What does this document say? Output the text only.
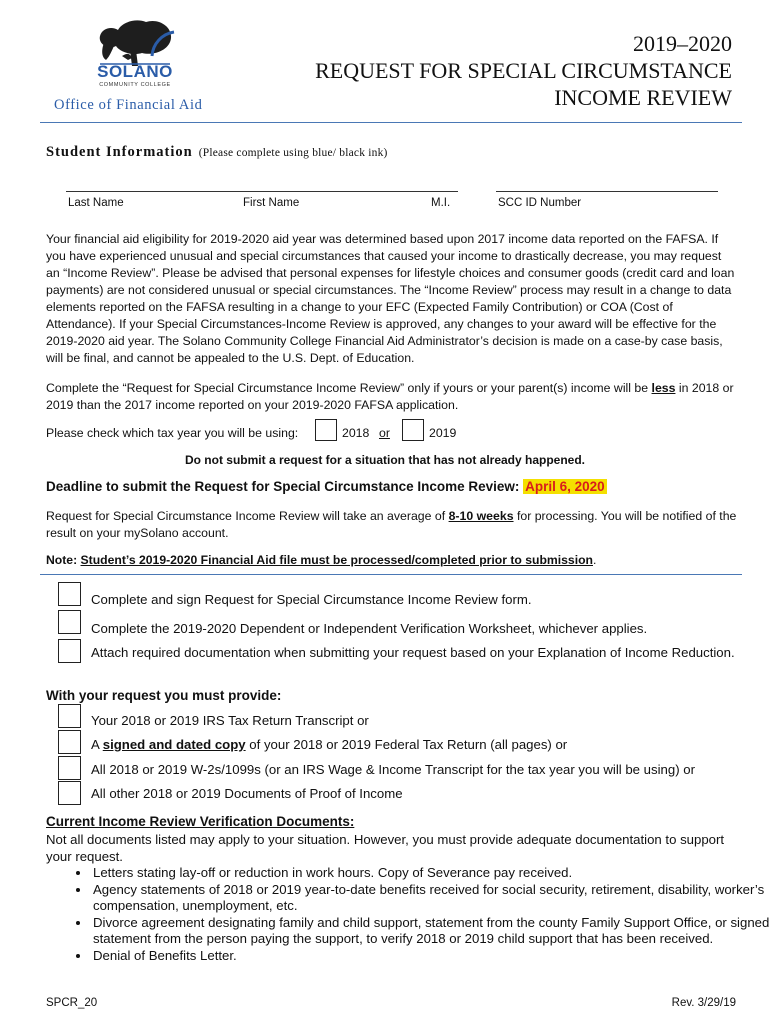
SOLANO
COMMUNITY COLLEGE
Office of Financial Aid
2019–2020
REQUEST FOR SPECIAL CIRCUMSTANCE
INCOME REVIEW
Student Information (Please complete using blue/ black ink)
Last Name	First Name	M.I.	SCC ID Number

Your financial aid eligibility for 2019-2020 aid year was determined based upon 2017 income data reported on the FAFSA. If you have experienced unusual and special circumstances that caused your income to drastically decrease, you may request an “Income Review”. Please be advised that personal expenses for lifestyle choices and consumer goods (credit card and loan payments) are not considered unusual or special circumstances. The “Income Review” process may result in a change to data elements reported on the FAFSA resulting in a change to your EFC (Expected Family Contribution) or COA (Cost of Attendance). If your Special Circumstances-Income Review is approved, any changes to your award will be effective for the 2019-2020 aid year. The Solano Community College Financial Aid Administrator’s decision is made on a case-by case basis, will be final, and cannot be appealed to the U.S. Dept. of Education.

Complete the “Request for Special Circumstance Income Review” only if yours or your parent(s) income will be less in 2018 or 2019 than the 2017 income reported on your 2019-2020 FAFSA application.

Please check which tax year you will be using:	2018 or	2019
Do not submit a request for a situation that has not already happened.
Deadline to submit the Request for Special Circumstance Income Review: April 6, 2020

Request for Special Circumstance Income Review will take an average of 8-10 weeks for processing. You will be notified of the result on your mySolano account.

Note: Student’s 2019-2020 Financial Aid file must be processed/completed prior to submission.
Complete and sign Request for Special Circumstance Income Review form.
Complete the 2019-2020 Dependent or Independent Verification Worksheet, whichever applies.
Attach required documentation when submitting your request based on your Explanation of Income Reduction.
With your request you must provide:
Your 2018 or 2019 IRS Tax Return Transcript or
A signed and dated copy of your 2018 or 2019 Federal Tax Return (all pages) or
All 2018 or 2019 W-2s/1099s (or an IRS Wage & Income Transcript for the tax year you will be using) or
All other 2018 or 2019 Documents of Proof of Income
Current Income Review Verification Documents:
Not all documents listed may apply to your situation. However, you must provide adequate documentation to support your request.
• Letters stating lay-off or reduction in work hours. Copy of Severance pay received.
• Agency statements of 2018 or 2019 year-to-date benefits received for social security, retirement, disability, worker’s compensation, unemployment, etc.
• Divorce agreement designating family and child support, statement from the county Family Support Office, or signed statement from the person paying the support, to verify 2018 or 2019 child support that has been received.
• Denial of Benefits Letter.
SPCR_20	Rev. 3/29/19
